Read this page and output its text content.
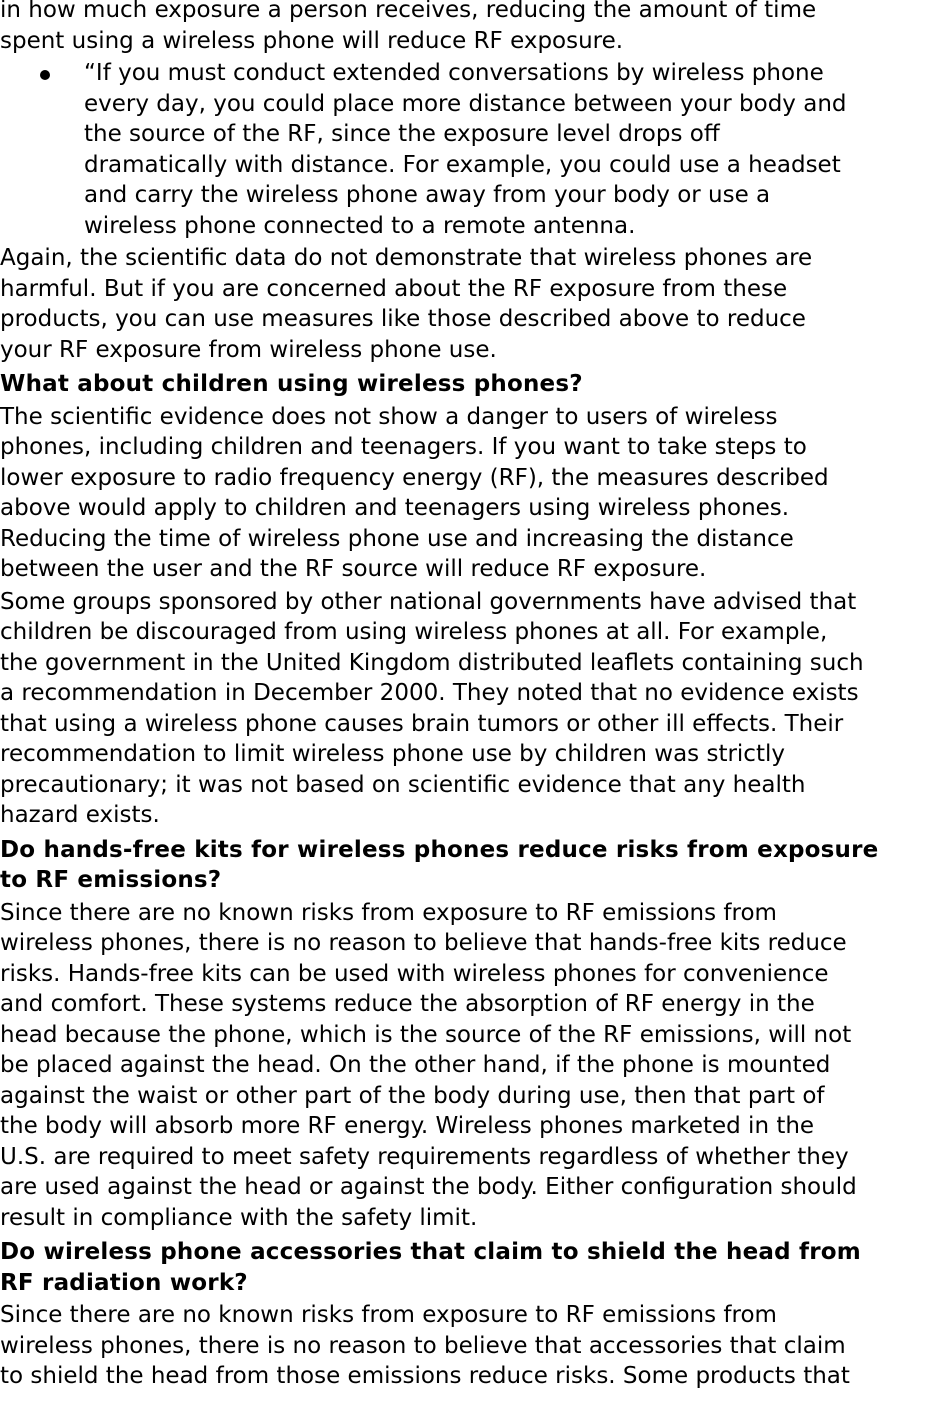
in how much exposure a person receives, reducing the amount of time
spent using a wireless phone will reduce RF exposure.

“If you must conduct extended conversations by wireless phone
every day, you could place more distance between your body and
the source of the RF, since the exposure level drops off
dramatically with distance. For example, you could use a headset
and carry the wireless phone away from your body or use a
wireless phone connected to a remote antenna.

Again, the scientific data do not demonstrate that wireless phones are
harmful. But if you are concerned about the RF exposure from these
products, you can use measures like those described above to reduce
your RF exposure from wireless phone use.

What about children using wireless phones?

The scientific evidence does not show a danger to users of wireless
phones, including children and teenagers. If you want to take steps to
lower exposure to radio frequency energy (RF), the measures described
above would apply to children and teenagers using wireless phones.
Reducing the time of wireless phone use and increasing the distance
between the user and the RF source will reduce RF exposure.

Some groups sponsored by other national governments have advised that
children be discouraged from using wireless phones at all. For example,
the government in the United Kingdom distributed leaflets containing such
a recommendation in December 2000. They noted that no evidence exists
that using a wireless phone causes brain tumors or other ill effects. Their
recommendation to limit wireless phone use by children was strictly
precautionary; it was not based on scientific evidence that any health
hazard exists.

Do hands-free kits for wireless phones reduce risks from exposure
to RF emissions?

Since there are no known risks from exposure to RF emissions from
wireless phones, there is no reason to believe that hands-free kits reduce
risks. Hands-free kits can be used with wireless phones for convenience
and comfort. These systems reduce the absorption of RF energy in the
head because the phone, which is the source of the RF emissions, will not
be placed against the head. On the other hand, if the phone is mounted
against the waist or other part of the body during use, then that part of
the body will absorb more RF energy. Wireless phones marketed in the
U.S. are required to meet safety requirements regardless of whether they
are used against the head or against the body. Either configuration should
result in compliance with the safety limit.

Do wireless phone accessories that claim to shield the head from
RF radiation work?

Since there are no known risks from exposure to RF emissions from
wireless phones, there is no reason to believe that accessories that claim
to shield the head from those emissions reduce risks. Some products that
